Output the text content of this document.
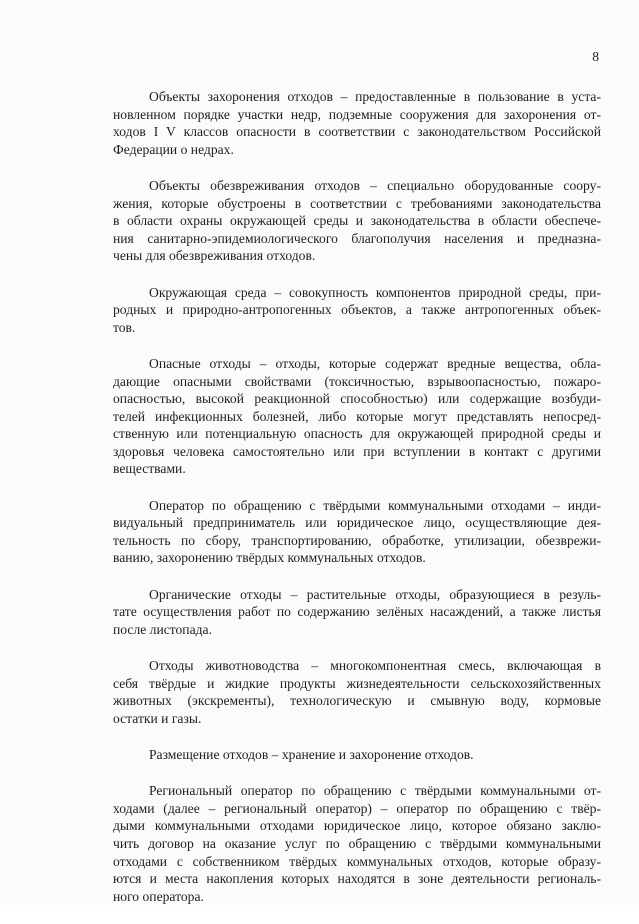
8
Объекты захоронения отходов – предоставленные в пользование в уста-
новленном порядке участки недр, подземные сооружения для захоронения от-
ходов I V классов опасности в соответствии с законодательством Российской
Федерации о недрах.
Объекты обезвреживания отходов – специально оборудованные соору-
жения, которые обустроены в соответствии с требованиями законодательства
в области охраны окружающей среды и законодательства в области обеспече-
ния санитарно-эпидемиологического благополучия населения и предназна-
чены для обезвреживания отходов.
Окружающая среда – совокупность компонентов природной среды, при-
родных и природно-антропогенных объектов, а также антропогенных объек-
тов.
Опасные отходы – отходы, которые содержат вредные вещества, обла-
дающие опасными свойствами (токсичностью, взрывоопасностью, пожаро-
опасностью, высокой реакционной способностью) или содержащие возбуди-
телей инфекционных болезней, либо которые могут представлять непосред-
ственную или потенциальную опасность для окружающей природной среды и
здоровья человека самостоятельно или при вступлении в контакт с другими
веществами.
Оператор по обращению с твёрдыми коммунальными отходами – инди-
видуальный предприниматель или юридическое лицо, осуществляющие дея-
тельность по сбору, транспортированию, обработке, утилизации, обезврежи-
ванию, захоронению твёрдых коммунальных отходов.
Органические отходы – растительные отходы, образующиеся в резуль-
тате осуществления работ по содержанию зелёных насаждений, а также листья
после листопада.
Отходы животноводства – многокомпонентная смесь, включающая в
себя твёрдые и жидкие продукты жизнедеятельности сельскохозяйственных
животных (экскременты), технологическую и смывную воду, кормовые
остатки и газы.
Размещение отходов – хранение и захоронение отходов.
Региональный оператор по обращению с твёрдыми коммунальными от-
ходами (далее – региональный оператор) – оператор по обращению с твёр-
дыми коммунальными отходами юридическое лицо, которое обязано заклю-
чить договор на оказание услуг по обращению с твёрдыми коммунальными
отходами с собственником твёрдых коммунальных отходов, которые образу-
ются и места накопления которых находятся в зоне деятельности региональ-
ного оператора.
